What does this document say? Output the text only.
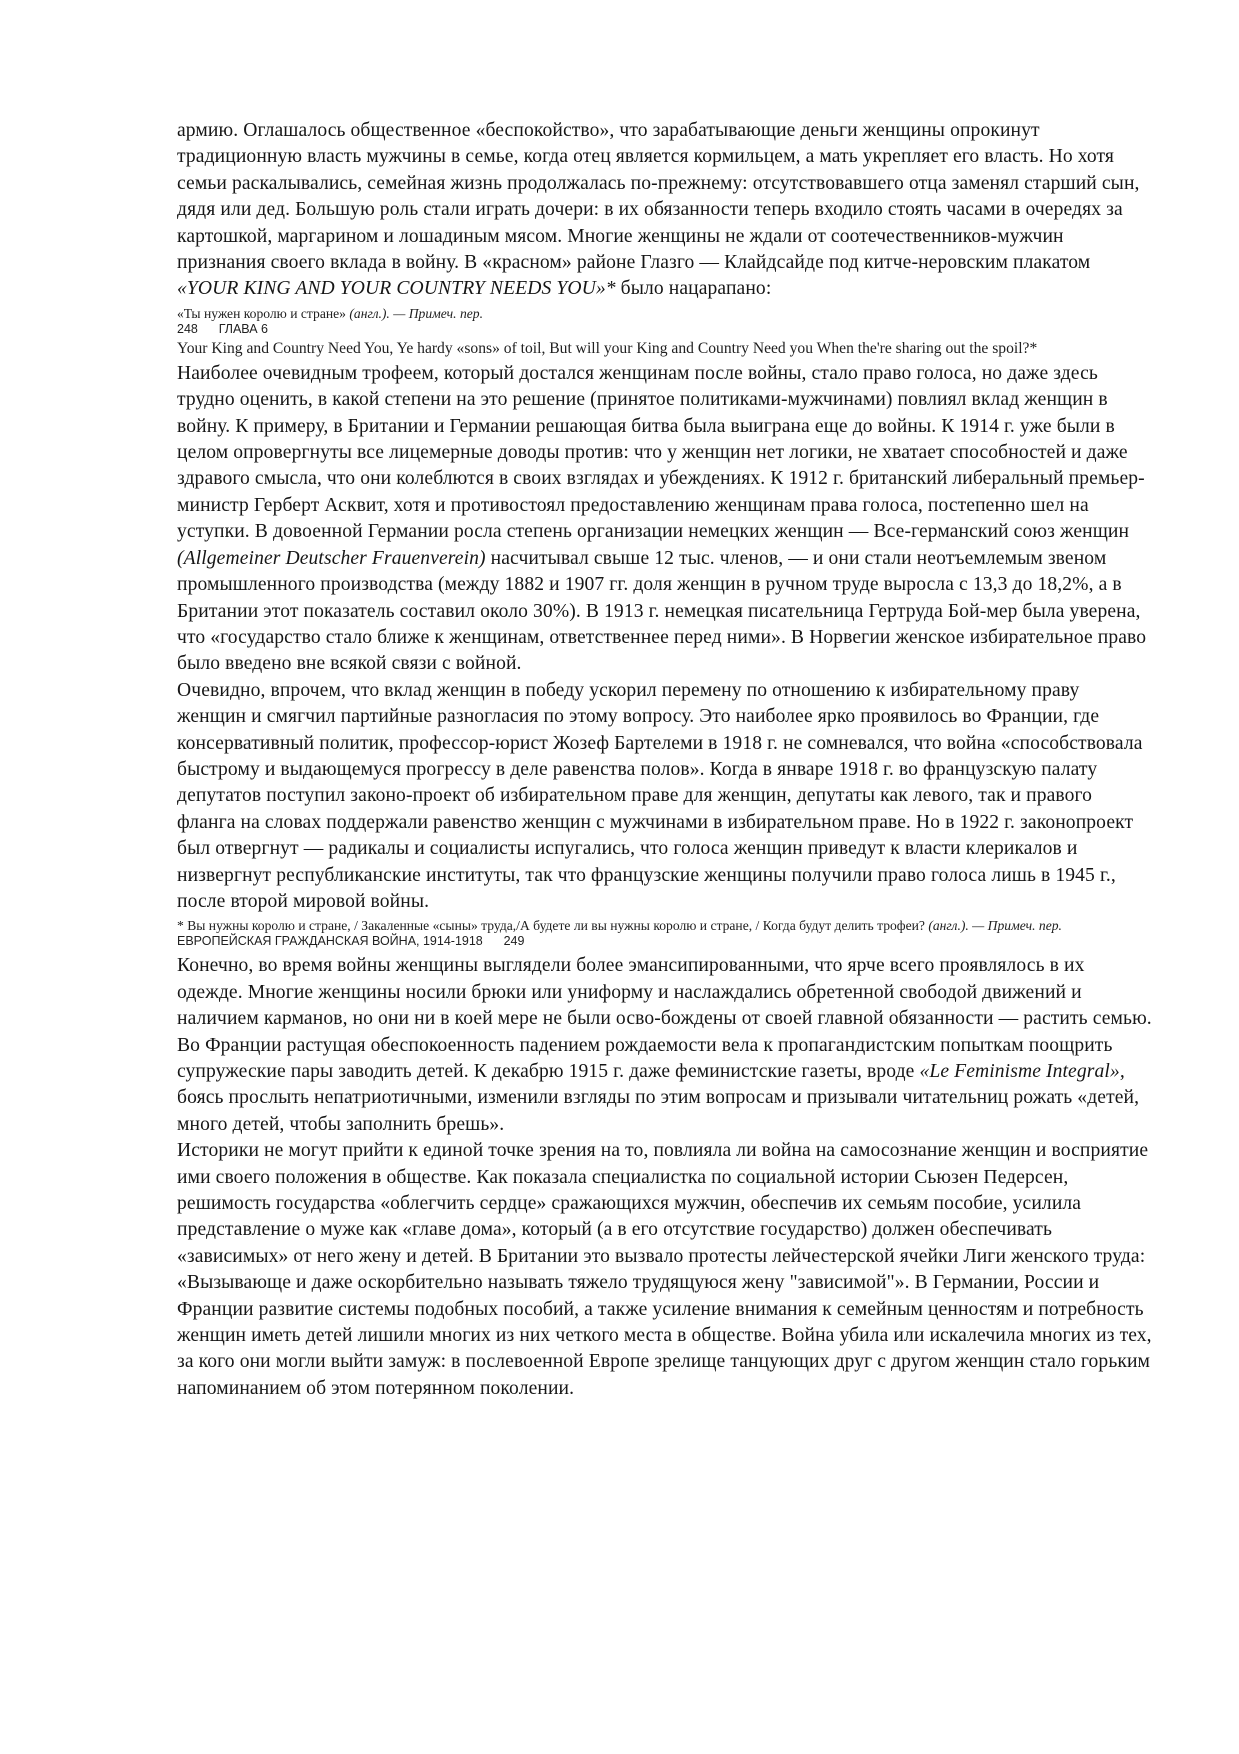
армию. Оглашалось общественное «беспокойство», что зарабатывающие деньги женщины опрокинут традиционную власть мужчины в семье, когда отец является кормильцем, а мать укрепляет его власть. Но хотя семьи раскалывались, семейная жизнь продолжалась по-прежнему: отсутствовавшего отца заменял старший сын, дядя или дед. Большую роль стали играть дочери: в их обязанности теперь входило стоять часами в очередях за картошкой, маргарином и лошадиным мясом. Многие женщины не ждали от соотечественников-мужчин признания своего вклада в войну. В «красном» районе Глазго — Клайдсайде под китче-неровским плакатом «YOUR KING AND YOUR COUNTRY NEEDS YOU»* было нацарапано:

«Ты нужен королю и стране» (англ.). — Примеч. пер.

248      ГЛАВА 6

Your King and Country Need You, Ye hardy «sons» of toil, But will your King and Country Need you When the're sharing out the spoil?*

Наиболее очевидным трофеем, который достался женщинам после войны, стало право голоса, но даже здесь трудно оценить, в какой степени на это решение (принятое политиками-мужчинами) повлиял вклад женщин в войну. К примеру, в Британии и Германии решающая битва была выиграна еще до войны. К 1914 г. уже были в целом опровергнуты все лицемерные доводы против: что у женщин нет логики, не хватает способностей и даже здравого смысла, что они колеблются в своих взглядах и убеждениях. К 1912 г. британский либеральный премьер-министр Герберт Асквит, хотя и противостоял предоставлению женщинам права голоса, постепенно шел на уступки. В довоенной Германии росла степень организации немецких женщин — Все-германский союз женщин (Allgemeiner Deutscher Frauenverein) насчитывал свыше 12 тыс. членов, — и они стали неотъемлемым звеном промышленного производства (между 1882 и 1907 гг. доля женщин в ручном труде выросла с 13,3 до 18,2%, а в Британии этот показатель составил около 30%). В 1913 г. немецкая писательница Гертруда Бой-мер была уверена, что «государство стало ближе к женщинам, ответственнее перед ними». В Норвегии женское избирательное право было введено вне всякой связи с войной.

Очевидно, впрочем, что вклад женщин в победу ускорил перемену по отношению к избирательному праву женщин и смягчил партийные разногласия по этому вопросу. Это наиболее ярко проявилось во Франции, где консервативный политик, профессор-юрист Жозеф Бартелеми в 1918 г. не сомневался, что война «способствовала быстрому и выдающемуся прогрессу в деле равенства полов». Когда в январе 1918 г. во французскую палату депутатов поступил законо-проект об избирательном праве для женщин, депутаты как левого, так и правого фланга на словах поддержали равенство женщин с мужчинами в избирательном праве. Но в 1922 г. законопроект был отвергнут — радикалы и социалисты испугались, что голоса женщин приведут к власти клерикалов и низвергнут республиканские институты, так что французские женщины получили право голоса лишь в 1945 г., после второй мировой войны.

* Вы нужны королю и стране, / Закаленные «сыны» труда,/А будете ли вы нужны королю и стране, / Когда будут делить трофеи? (англ.). — Примеч. пер.

ЕВРОПЕЙСКАЯ ГРАЖДАНСКАЯ ВОЙНА, 1914-1918      249

Конечно, во время войны женщины выглядели более эмансипированными, что ярче всего проявлялось в их одежде. Многие женщины носили брюки или униформу и наслаждались обретенной свободой движений и наличием карманов, но они ни в коей мере не были осво-бождены от своей главной обязанности — растить семью. Во Франции растущая обеспокоенность падением рождаемости вела к пропагандистским попыткам поощрить супружеские пары заводить детей. К декабрю 1915 г. даже феминистские газеты, вроде «Le Feminisme Integral», боясь прослыть непатриотичными, изменили взгляды по этим вопросам и призывали читательниц рожать «детей, много детей, чтобы заполнить брешь».

Историки не могут прийти к единой точке зрения на то, повлияла ли война на самосознание женщин и восприятие ими своего положения в обществе. Как показала специалистка по социальной истории Сьюзен Педерсен, решимость государства «облегчить сердце» сражающихся мужчин, обеспечив их семьям пособие, усилила представление о муже как «главе дома», который (а в его отсутствие государство) должен обеспечивать «зависимых» от него жену и детей. В Британии это вызвало протесты лейчестерской ячейки Лиги женского труда: «Вызывающе и даже оскорбительно называть тяжело трудящуюся жену "зависимой"». В Германии, России и Франции развитие системы подобных пособий, а также усиление внимания к семейным ценностям и потребность женщин иметь детей лишили многих из них четкого места в обществе. Война убила или искалечила многих из тех, за кого они могли выйти замуж: в послевоенной Европе зрелище танцующих друг с другом женщин стало горьким напоминанием об этом потерянном поколении.
